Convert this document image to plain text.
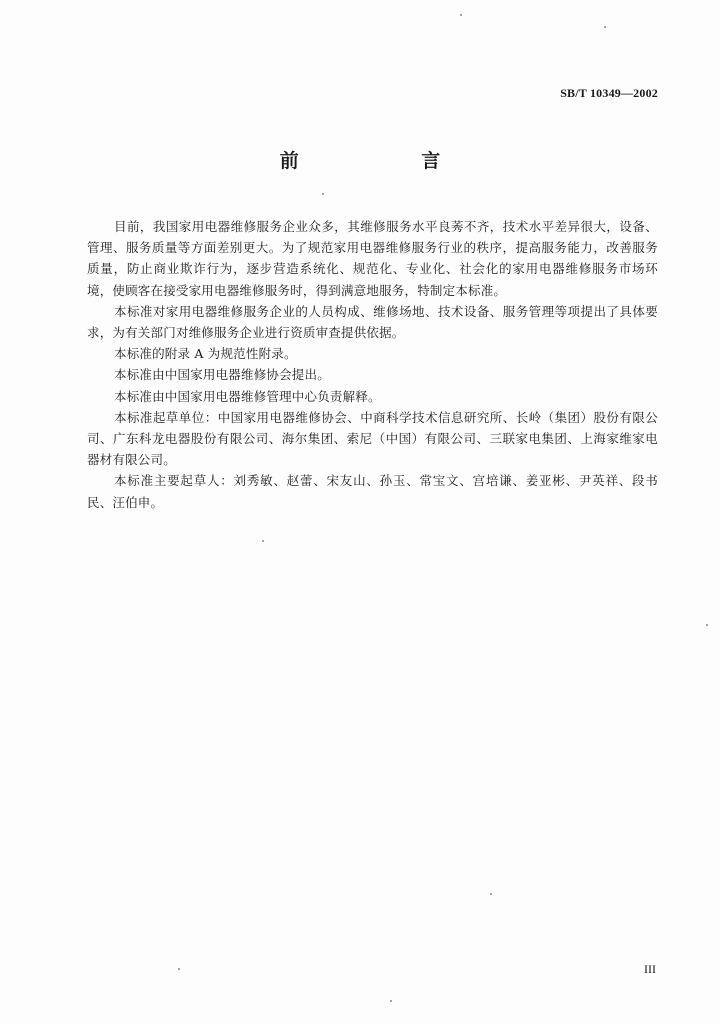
SB/T 10349—2002
前 言

目前，我国家用电器维修服务企业众多，其维修服务水平良莠不齐，技术水平差异很大，设备、管理、服务质量等方面差别更大。为了规范家用电器维修服务行业的秩序，提高服务能力，改善服务质量，防止商业欺诈行为，逐步营造系统化、规范化、专业化、社会化的家用电器维修服务市场环境，使顾客在接受家用电器维修服务时，得到满意地服务，特制定本标准。

本标准对家用电器维修服务企业的人员构成、维修场地、技术设备、服务管理等项提出了具体要求，为有关部门对维修服务企业进行资质审查提供依据。

本标准的附录 A 为规范性附录。

本标准由中国家用电器维修协会提出。

本标准由中国家用电器维修管理中心负责解释。

本标准起草单位：中国家用电器维修协会、中商科学技术信息研究所、长岭（集团）股份有限公司、广东科龙电器股份有限公司、海尔集团、索尼（中国）有限公司、三联家电集团、上海家维家电器材有限公司。

本标准主要起草人：刘秀敏、赵蕾、宋友山、孙玉、常宝文、宫培谦、姜亚彬、尹英祥、段书民、汪伯申。

III
